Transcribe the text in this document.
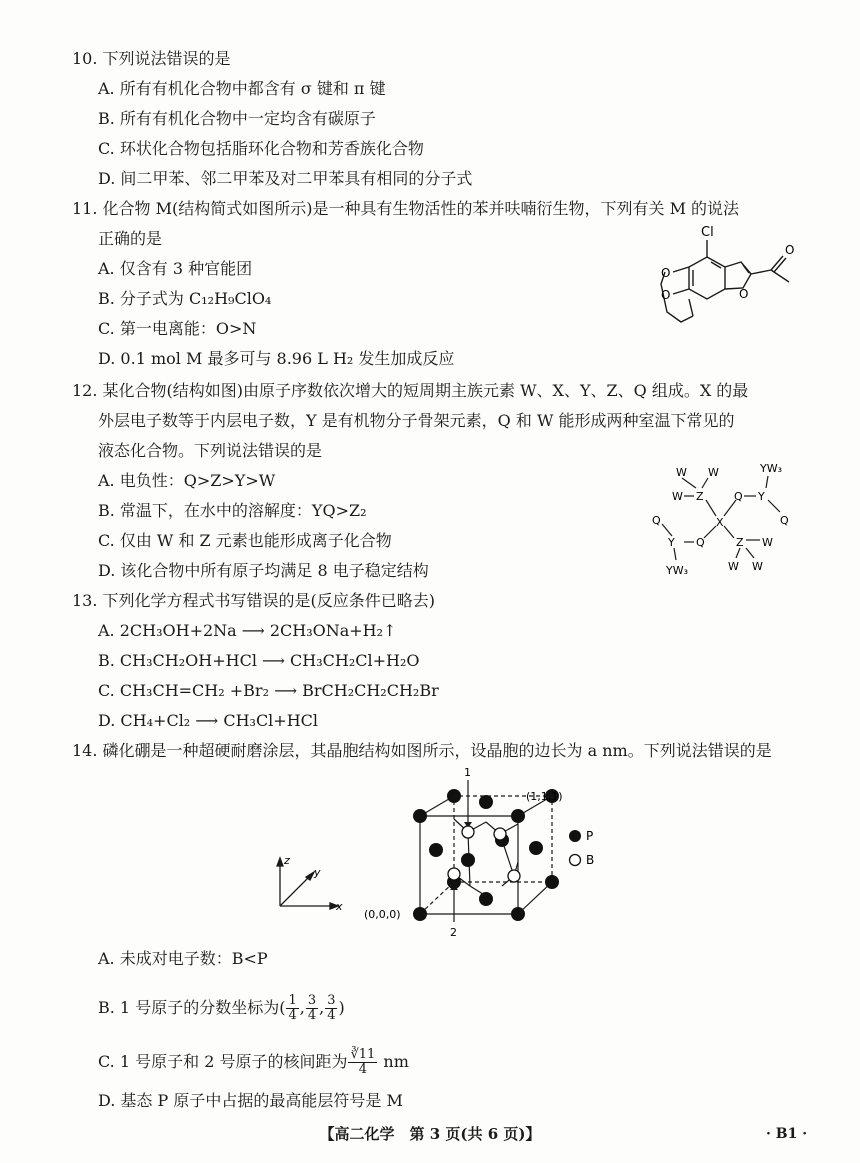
10. 下列说法错误的是
A. 所有有机化合物中都含有 σ 键和 π 键
B. 所有有机化合物中一定均含有碳原子
C. 环状化合物包括脂环化合物和芳香族化合物
D. 间二甲苯、邻二甲苯及对二甲苯具有相同的分子式
11. 化合物 M(结构简式如图所示)是一种具有生物活性的苯并呋喃衍生物，下列有关 M 的说法
正确的是
A. 仅含有 3 种官能团
B. 分子式为 C₁₂H₉ClO₄
C. 第一电离能：O>N
D. 0.1 mol M 最多可与 8.96 L H₂ 发生加成反应
Cl
O
O	O
O
12. 某化合物(结构如图)由原子序数依次增大的短周期主族元素 W、X、Y、Z、Q 组成。X 的最
外层电子数等于内层电子数，Y 是有机物分子骨架元素，Q 和 W 能形成两种室温下常见的
液态化合物。下列说法错误的是
A. 电负性：Q>Z>Y>W
B. 常温下，在水中的溶解度：YQ>Z₂
C. 仅由 W 和 Z 元素也能形成离子化合物
D. 该化合物中所有原子均满足 8 电子稳定结构
W W	YW₃
W Z	Q Y
Q
X
Q
Y Q	Z W
YW₃	W W
13. 下列化学方程式书写错误的是(反应条件已略去)
A. 2CH₃OH+2Na ⟶ 2CH₃ONa+H₂↑
B. CH₃CH₂OH+HCl ⟶ CH₃CH₂Cl+H₂O
C. CH₃CH=CH₂ +Br₂ ⟶ BrCH₂CH₂CH₂Br
D. CH₄+Cl₂ ⟶ CH₃Cl+HCl
14. 磷化硼是一种超硬耐磨涂层，其晶胞结构如图所示，设晶胞的边长为 a nm。下列说法错误的是
z
y
x
1
2
(1,1,1)
(0,0,0)
P
B
A. 未成对电子数：B<P
B. 1 号原子的分数坐标为( $\frac{1}{4}$ , $\frac{3}{4}$ , $\frac{3}{4}$ )
C. 1 号原子和 2 号原子的核间距为 $\frac{∛11}{4}$ nm
D. 基态 P 原子中占据的最高能层符号是 M
【高二化学　第 3 页(共 6 页)】	· B1 ·
